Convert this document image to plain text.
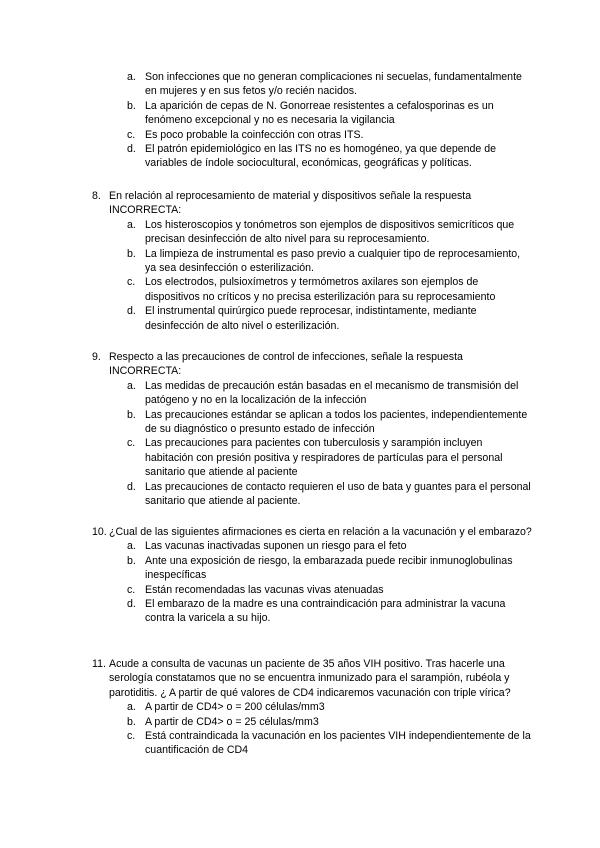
a. Son infecciones que no generan complicaciones ni secuelas, fundamentalmente en mujeres y en sus fetos y/o recién nacidos.
b. La aparición de cepas de N. Gonorreae resistentes a cefalosporinas es un fenómeno excepcional y no es necesaria la vigilancia
c. Es poco probable la coinfección con otras ITS.
d. El patrón epidemiológico en las ITS no es homogéneo, ya que depende de variables de índole sociocultural, económicas, geográficas y políticas.
8. En relación al reprocesamiento de material y dispositivos señale la respuesta INCORRECTA:
a. Los histeroscopios y tonómetros son ejemplos de dispositivos semicríticos que precisan desinfección de alto nivel para su reprocesamiento.
b. La limpieza de instrumental es paso previo a cualquier tipo de reprocesamiento, ya sea desinfección o esterilización.
c. Los electrodos, pulsioxímetros y termómetros axilares son ejemplos de dispositivos no críticos y no precisa esterilización para su reprocesamiento
d. El instrumental quirúrgico puede reprocesar, indistintamente, mediante desinfección de alto nivel o esterilización.
9. Respecto a las precauciones de control de infecciones, señale la respuesta INCORRECTA:
a. Las medidas de precaución están basadas en el mecanismo de transmisión del patógeno y no en la localización de la infección
b. Las precauciones estándar se aplican a todos los pacientes, independientemente de su diagnóstico o presunto estado de infección
c. Las precauciones para pacientes con tuberculosis y sarampión incluyen habitación con presión positiva y respiradores de partículas para el personal sanitario que atiende al paciente
d. Las precauciones de contacto requieren el uso de bata y guantes para el personal sanitario que atiende al paciente.
10. ¿Cual de las siguientes afirmaciones es cierta en relación a la vacunación y el embarazo?
a. Las vacunas inactivadas suponen un riesgo para el feto
b. Ante una exposición de riesgo, la embarazada puede recibir inmunoglobulinas inespecíficas
c. Están recomendadas las vacunas vivas atenuadas
d. El embarazo de la madre es una contraindicación para administrar la vacuna contra la varicela a su hijo.
11. Acude a consulta de vacunas un paciente de 35 años VIH positivo. Tras hacerle una serología constatamos que no se encuentra inmunizado para el sarampión, rubéola y parotiditis. ¿ A partir de qué valores de CD4 indicaremos vacunación con triple vírica?
a. A partir de CD4> o = 200 células/mm3
b. A partir de CD4> o = 25 células/mm3
c. Está contraindicada la vacunación en los pacientes VIH independientemente de la cuantificación de CD4
